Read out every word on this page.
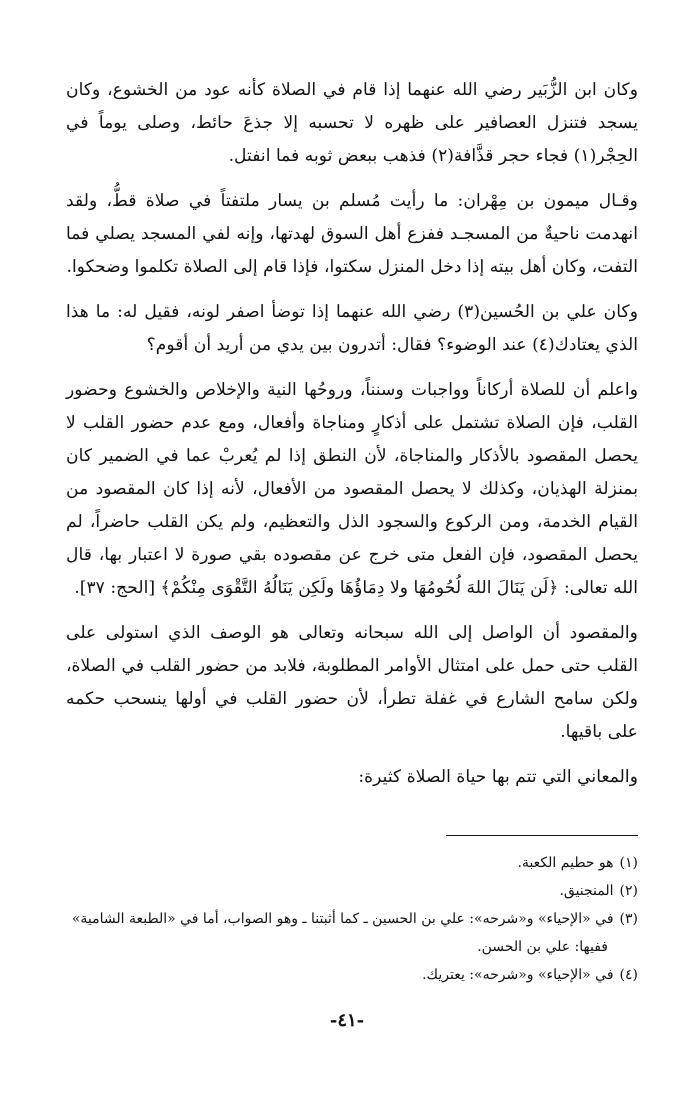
وكان ابن الزُّبَير رضي الله عنهما إذا قام في الصلاة كأنه عود من الخشوع، وكان يسجد فتنزل العصافير على ظهره لا تحسبه إلا جذعَ حائط، وصلى يوماً في الحِجْر(١) فجاء حجر قذَّافة(٢) فذهب ببعض ثوبه فما انفتل.

وقـال ميمون بن مِهْران: ما رأيت مُسلم بن يسار ملتفتاً في صلاة قطُّ، ولقد انهدمت ناحيةٌ من المسجـد ففزع أهل السوق لهدتها، وإنه لفي المسجد يصلي فما التفت، وكان أهل بيته إذا دخل المنزل سكتوا، فإذا قام إلى الصلاة تكلموا وضحكوا.

وكان علي بن الحُسين(٣) رضي الله عنهما إذا توضأ اصفر لونه، فقيل له: ما هذا الذي يعتادك(٤) عند الوضوء؟ فقال: أتدرون بين يدي من أريد أن أقوم؟

واعلم أن للصلاة أركاناً وواجبات وسنناً، وروحُها النية والإخلاص والخشوع وحضور القلب، فإن الصلاة تشتمل على أذكارٍ ومناجاة وأفعال، ومع عدم حضور القلب لا يحصل المقصود بالأذكار والمناجاة، لأن النطق إذا لم يُعربْ عما في الضمير كان بمنزلة الهذيان، وكذلك لا يحصل المقصود من الأفعال، لأنه إذا كان المقصود من القيام الخدمة، ومن الركوع والسجود الذل والتعظيم، ولم يكن القلب حاضراً، لم يحصل المقصود، فإن الفعل متى خرج عن مقصوده بقي صورة لا اعتبار بها، قال الله تعالى: ﴿لَن يَنَالَ اللهَ لُحُومُهَا ولا دِمَاؤُهَا ولَكِن يَنَالُهُ التَّقْوَى مِنْكُمْ﴾ [الحج: ٣٧].

والمقصود أن الواصل إلى الله سبحانه وتعالى هو الوصف الذي استولى على القلب حتى حمل على امتثال الأوامر المطلوبة، فلابد من حضور القلب في الصلاة، ولكن سامح الشارع في غفلة تطرأ، لأن حضور القلب في أولها ينسحب حكمه على باقيها.

والمعاني التي تتم بها حياة الصلاة كثيرة:

(١)هو حطيم الكعبة.

(٢)المنجنيق.

(٣)في «الإحياء» و«شرحه»: علي بن الحسين ـ كما أثبتنا ـ وهو الصواب، أما في «الطبعة الشامية»

ففيها: علي بن الحسن.

(٤)في «الإحياء» و«شرحه»: يعتريك.

-٤١-
